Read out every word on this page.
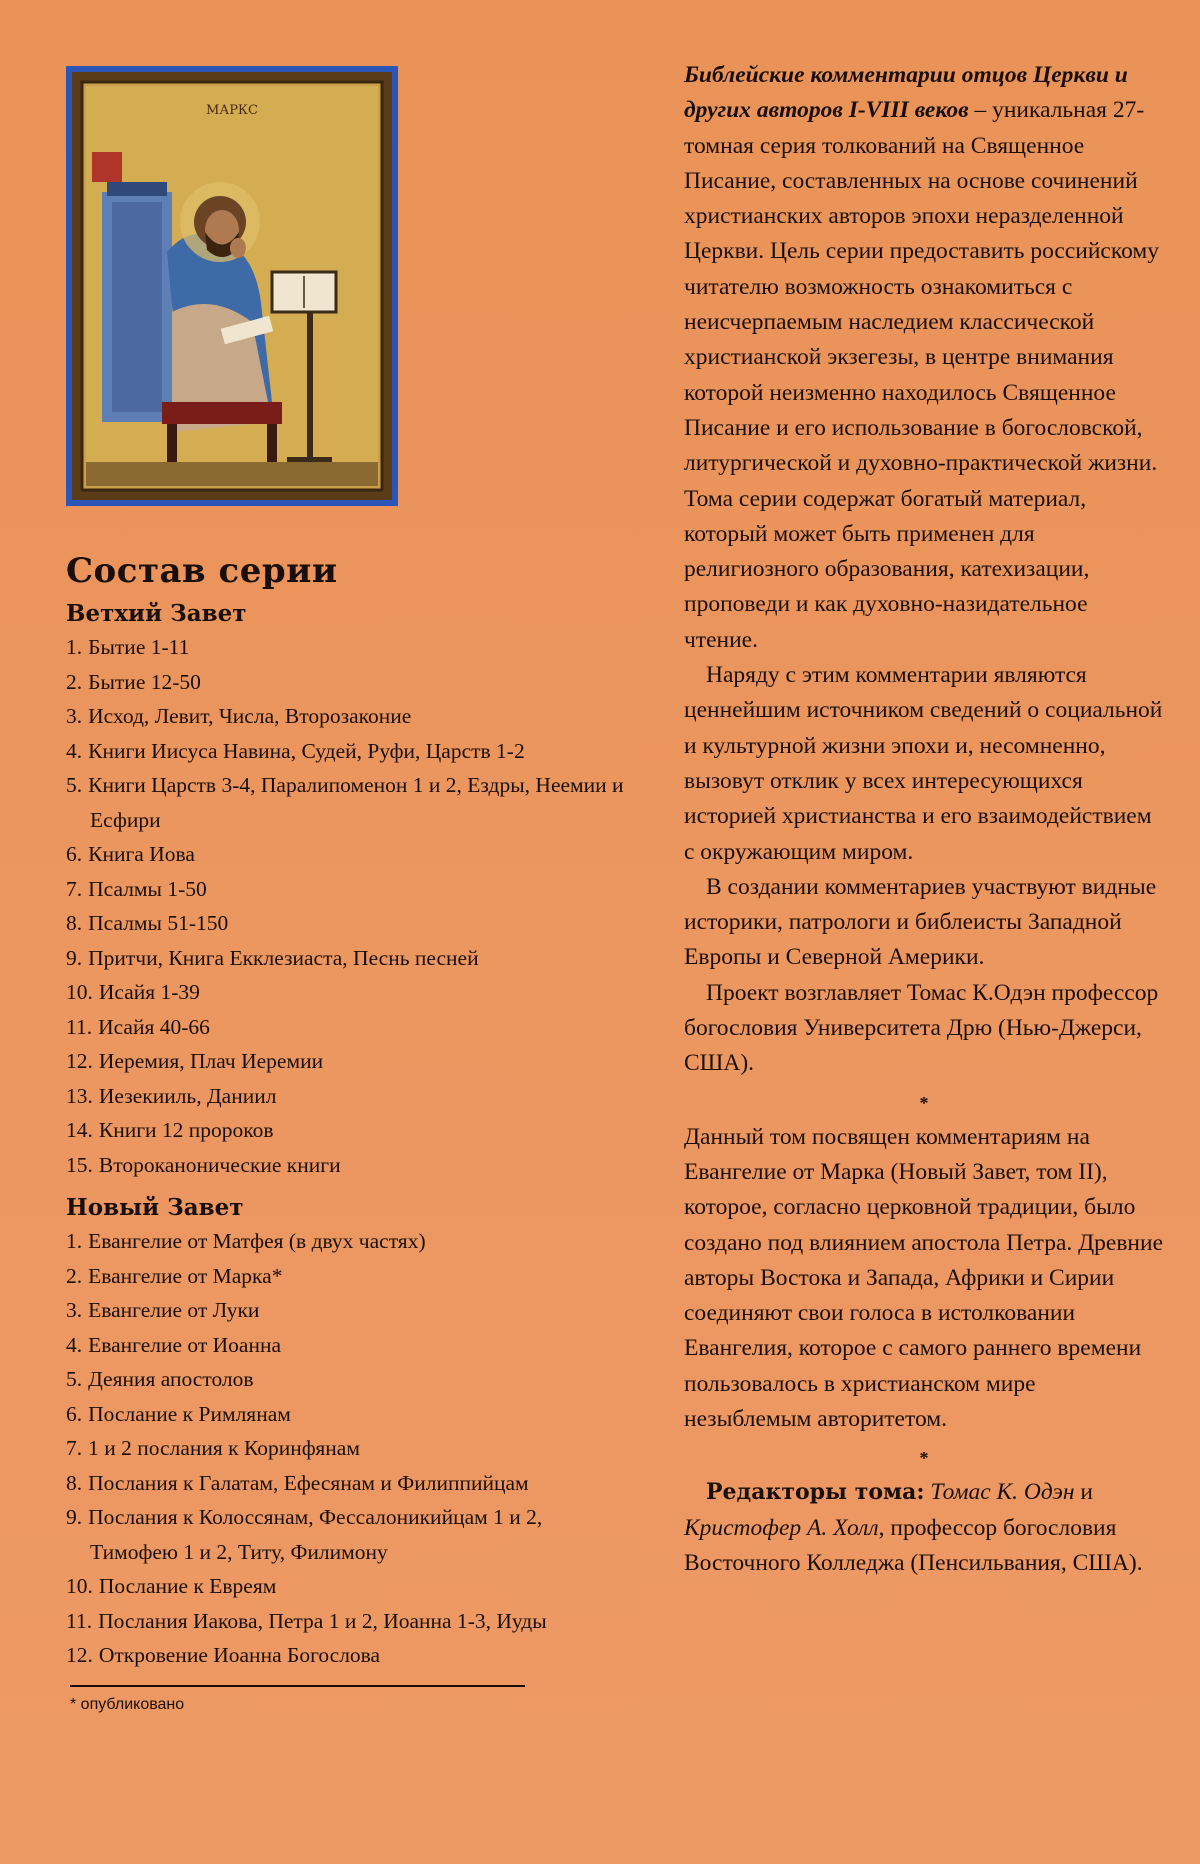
МАРКС
Состав серии
Ветхий Завет
1. Бытие 1-11
2. Бытие 12-50
3. Исход, Левит, Числа, Второзаконие
4. Книги Иисуса Навина, Судей, Руфи, Царств 1-2
5. Книги Царств 3-4, Паралипоменон 1 и 2, Ездры, Неемии и Есфири
6. Книга Иова
7. Псалмы 1-50
8. Псалмы 51-150
9. Притчи, Книга Екклезиаста, Песнь песней
10. Исайя 1-39
11. Исайя 40-66
12. Иеремия, Плач Иеремии
13. Иезекииль, Даниил
14. Книги 12 пророков
15. Второканонические книги
Новый Завет
1. Евангелие от Матфея (в двух частях)
2. Евангелие от Марка*
3. Евангелие от Луки
4. Евангелие от Иоанна
5. Деяния апостолов
6. Послание к Римлянам
7. 1 и 2 послания к Коринфянам
8. Послания к Галатам, Ефесянам и Филиппийцам
9. Послания к Колоссянам, Фессалоникийцам 1 и 2, Тимофею 1 и 2, Титу, Филимону
10. Послание к Евреям
11. Послания Иакова, Петра 1 и 2, Иоанна 1-3, Иуды
12. Откровение Иоанна Богослова
* опубликовано

Библейские комментарии отцов Церкви и других авторов I-VIII веков – уникальная 27-томная серия толкований на Священное Писание, составленных на основе сочинений христианских авторов эпохи неразделенной Церкви. Цель серии предоставить российскому читателю возможность ознакомиться с неисчерпаемым наследием классической христианской экзегезы, в центре внимания которой неизменно находилось Священное Писание и его использование в богословской, литургической и духовно-практической жизни. Тома серии содержат богатый материал, который может быть применен для религиозного образования, катехизации, проповеди и как духовно-назидательное чтение.

Наряду с этим комментарии являются ценнейшим источником сведений о социальной и культурной жизни эпохи и, несомненно, вызовут отклик у всех интересующихся историей христианства и его взаимодействием с окружающим миром.

В создании комментариев участвуют видные историки, патрологи и библеисты Западной Европы и Северной Америки.

Проект возглавляет Томас К.Одэн профессор богословия Университета Дрю (Нью-Джерси, США).

*

Данный том посвящен комментариям на Евангелие от Марка (Новый Завет, том II), которое, согласно церковной традиции, было создано под влиянием апостола Петра. Древние авторы Востока и Запада, Африки и Сирии соединяют свои голоса в истолковании Евангелия, которое с самого раннего времени пользовалось в христианском мире незыблемым авторитетом.

*

Редакторы тома: Томас К. Одэн и Кристофер А. Холл, профессор богословия Восточного Колледжа (Пенсильвания, США).
